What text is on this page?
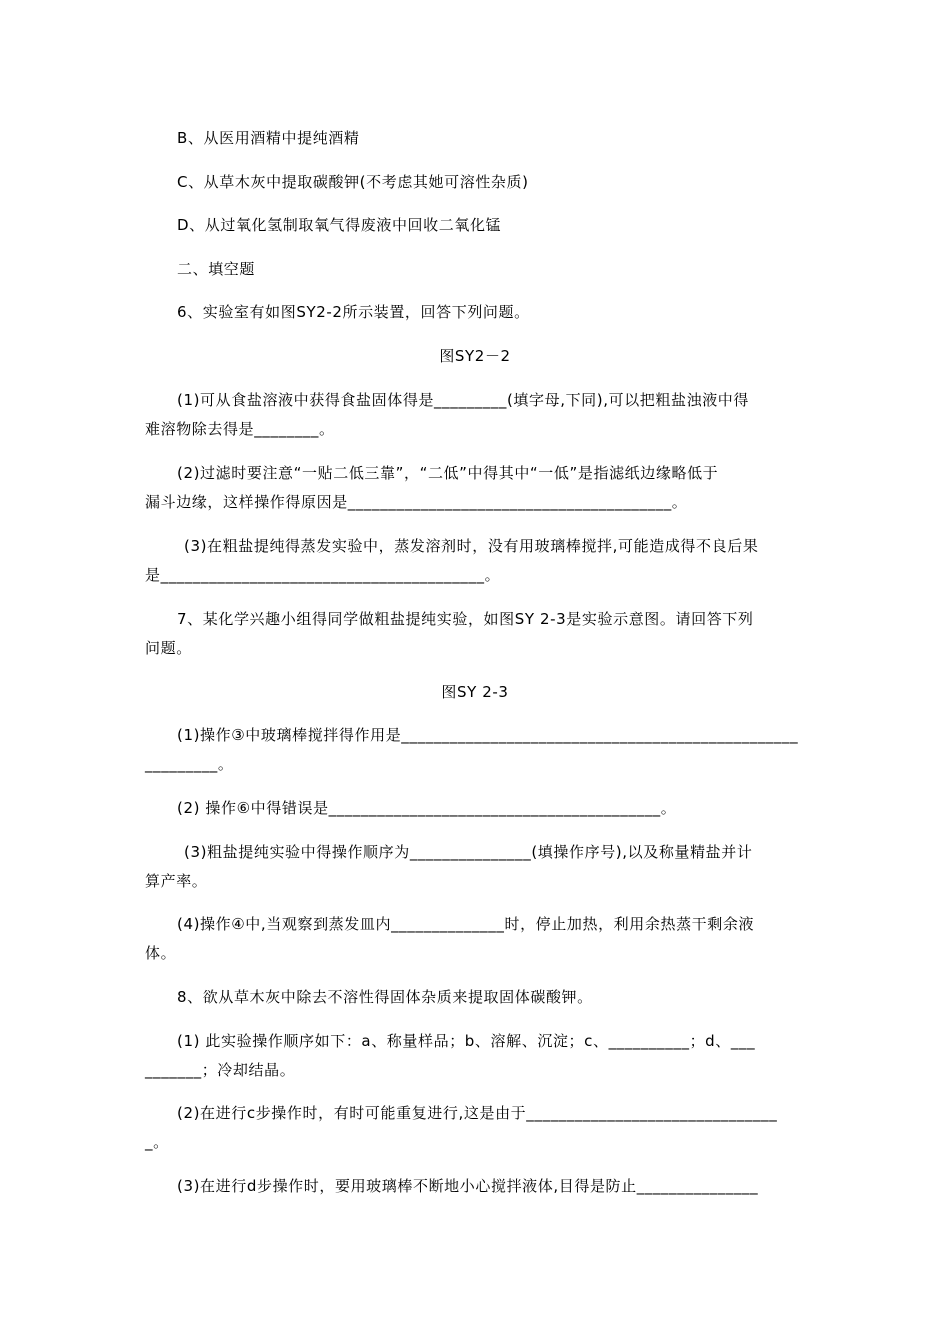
B、从医用酒精中提纯酒精
C、从草木灰中提取碳酸钾(不考虑其她可溶性杂质)
D、从过氧化氢制取氧气得废液中回收二氧化锰
二、填空题
6、实验室有如图SY2-2所示装置，回答下列问题。
图SY2－2
(1)可从食盐溶液中获得食盐固体得是_________(填字母,下同),可以把粗盐浊液中得
难溶物除去得是________。
(2)过滤时要注意“一贴二低三靠”，“二低”中得其中“一低”是指滤纸边缘略低于
漏斗边缘，这样操作得原因是________________________________________。
(3)在粗盐提纯得蒸发实验中，蒸发溶剂时，没有用玻璃棒搅拌,可能造成得不良后果
是________________________________________。
7、某化学兴趣小组得同学做粗盐提纯实验，如图SY 2-3是实验示意图。请回答下列
问题。
图SY 2-3
(1)操作③中玻璃棒搅拌得作用是_________________________________________________
_________。
(2) 操作⑥中得错误是_________________________________________。
(3)粗盐提纯实验中得操作顺序为_______________(填操作序号),以及称量精盐并计
算产率。
(4)操作④中,当观察到蒸发皿内______________时，停止加热，利用余热蒸干剩余液
体。
8、欲从草木灰中除去不溶性得固体杂质来提取固体碳酸钾。
(1) 此实验操作顺序如下：a、称量样品；b、溶解、沉淀；c、__________；d、___
_______；冷却结晶。
(2)在进行c步操作时，有时可能重复进行,这是由于_______________________________
_。
(3)在进行d步操作时，要用玻璃棒不断地小心搅拌液体,目得是防止_______________
